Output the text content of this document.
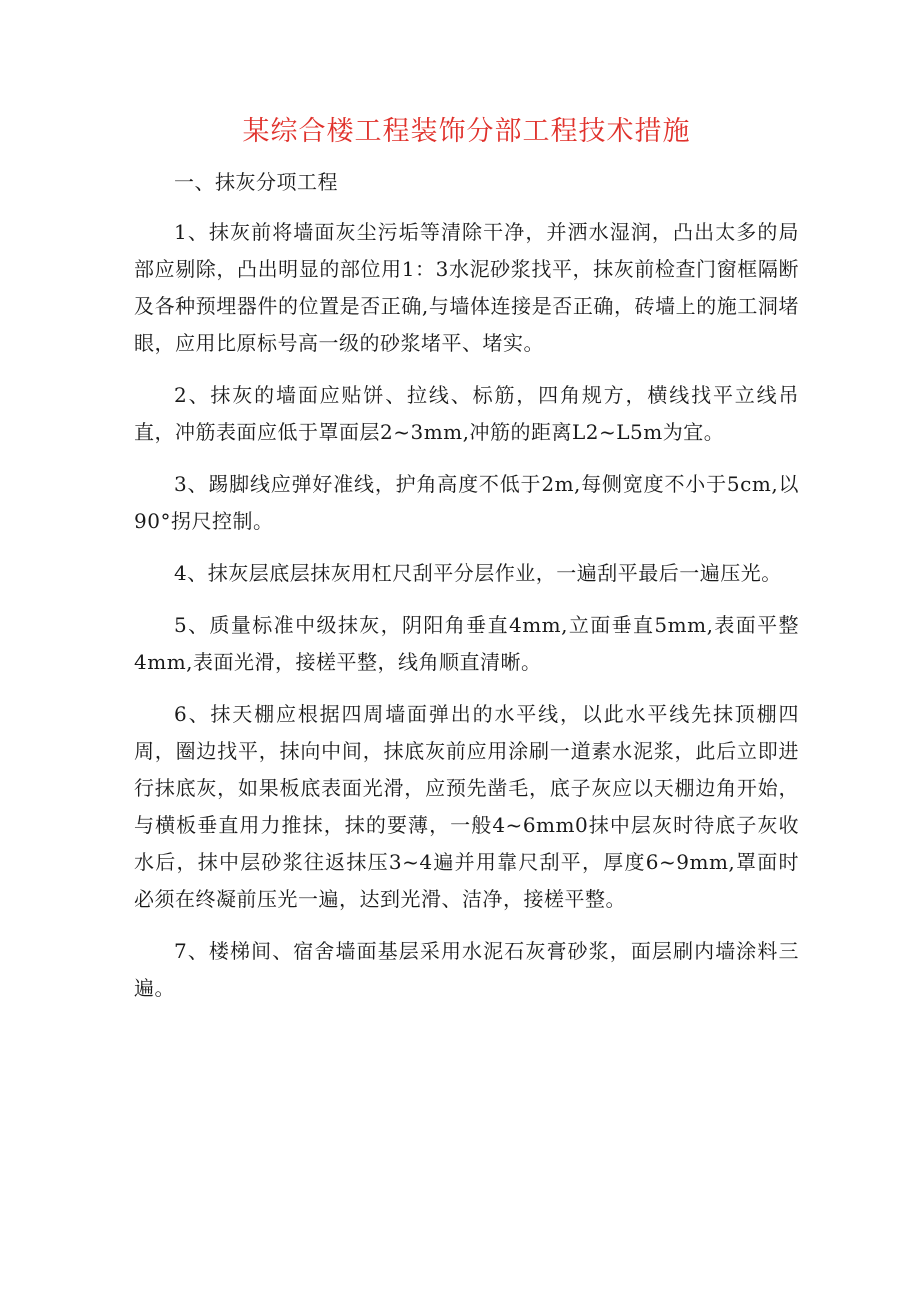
某综合楼工程装饰分部工程技术措施

一、抹灰分项工程

1、抹灰前将墙面灰尘污垢等清除干净，并洒水湿润，凸出太多的局部应剔除，凸出明显的部位用1：3水泥砂浆找平，抹灰前检查门窗框隔断及各种预埋器件的位置是否正确,与墙体连接是否正确，砖墙上的施工洞堵眼，应用比原标号高一级的砂浆堵平、堵实。

2、抹灰的墙面应贴饼、拉线、标筋，四角规方，横线找平立线吊直，冲筋表面应低于罩面层2~3mm,冲筋的距离L2~L5m为宜。

3、踢脚线应弹好准线，护角高度不低于2m,每侧宽度不小于5cm,以90°拐尺控制。

4、抹灰层底层抹灰用杠尺刮平分层作业，一遍刮平最后一遍压光。

5、质量标准中级抹灰，阴阳角垂直4mm,立面垂直5mm,表面平整4mm,表面光滑，接槎平整，线角顺直清晰。

6、抹天棚应根据四周墙面弹出的水平线，以此水平线先抹顶棚四周，圈边找平，抹向中间，抹底灰前应用涂刷一道素水泥浆，此后立即进行抹底灰，如果板底表面光滑，应预先凿毛，底子灰应以天棚边角开始，与横板垂直用力推抹，抹的要薄，一般4~6mm0抹中层灰时待底子灰收水后，抹中层砂浆往返抹压3~4遍并用靠尺刮平，厚度6~9mm,罩面时必须在终凝前压光一遍，达到光滑、洁净，接槎平整。

7、楼梯间、宿舍墙面基层采用水泥石灰膏砂浆，面层刷内墙涂料三遍。
